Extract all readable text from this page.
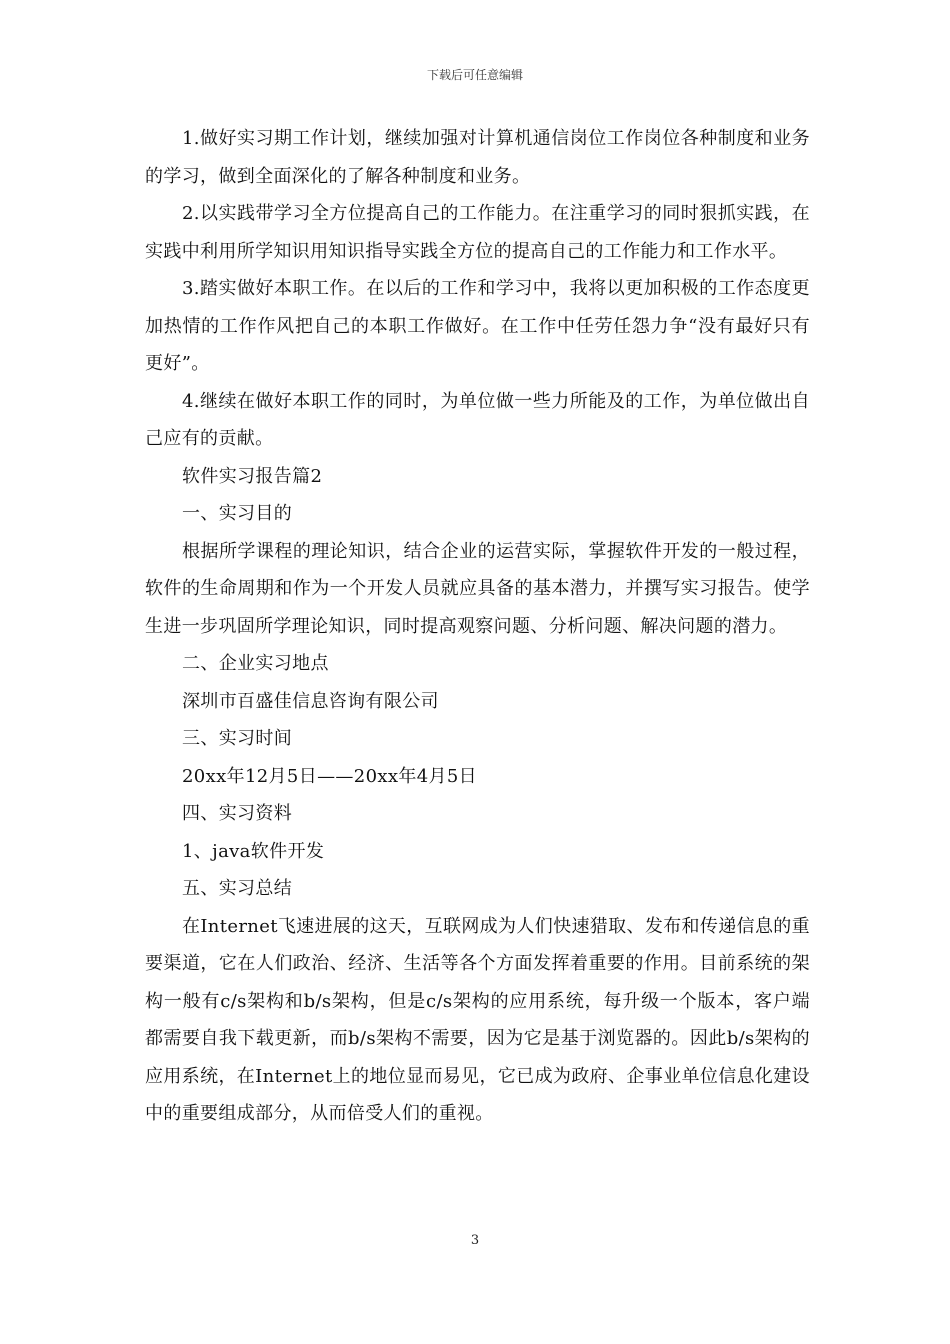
下载后可任意编辑

1.做好实习期工作计划，继续加强对计算机通信岗位工作岗位各种制度和业务的学习，做到全面深化的了解各种制度和业务。

2.以实践带学习全方位提高自己的工作能力。在注重学习的同时狠抓实践，在实践中利用所学知识用知识指导实践全方位的提高自己的工作能力和工作水平。

3.踏实做好本职工作。在以后的工作和学习中，我将以更加积极的工作态度更加热情的工作作风把自己的本职工作做好。在工作中任劳任怨力争“没有最好只有更好”。

4.继续在做好本职工作的同时，为单位做一些力所能及的工作，为单位做出自己应有的贡献。

软件实习报告篇2

一、实习目的

根据所学课程的理论知识，结合企业的运营实际，掌握软件开发的一般过程，软件的生命周期和作为一个开发人员就应具备的基本潜力，并撰写实习报告。使学生进一步巩固所学理论知识，同时提高观察问题、分析问题、解决问题的潜力。

二、企业实习地点

深圳市百盛佳信息咨询有限公司

三、实习时间

20xx年12月5日——20xx年4月5日

四、实习资料

1、java软件开发

五、实习总结

在Internet飞速进展的这天，互联网成为人们快速猎取、发布和传递信息的重要渠道，它在人们政治、经济、生活等各个方面发挥着重要的作用。目前系统的架构一般有c/s架构和b/s架构，但是c/s架构的应用系统，每升级一个版本，客户端都需要自我下载更新，而b/s架构不需要，因为它是基于浏览器的。因此b/s架构的应用系统，在Internet上的地位显而易见，它已成为政府、企事业单位信息化建设中的重要组成部分，从而倍受人们的重视。

3
